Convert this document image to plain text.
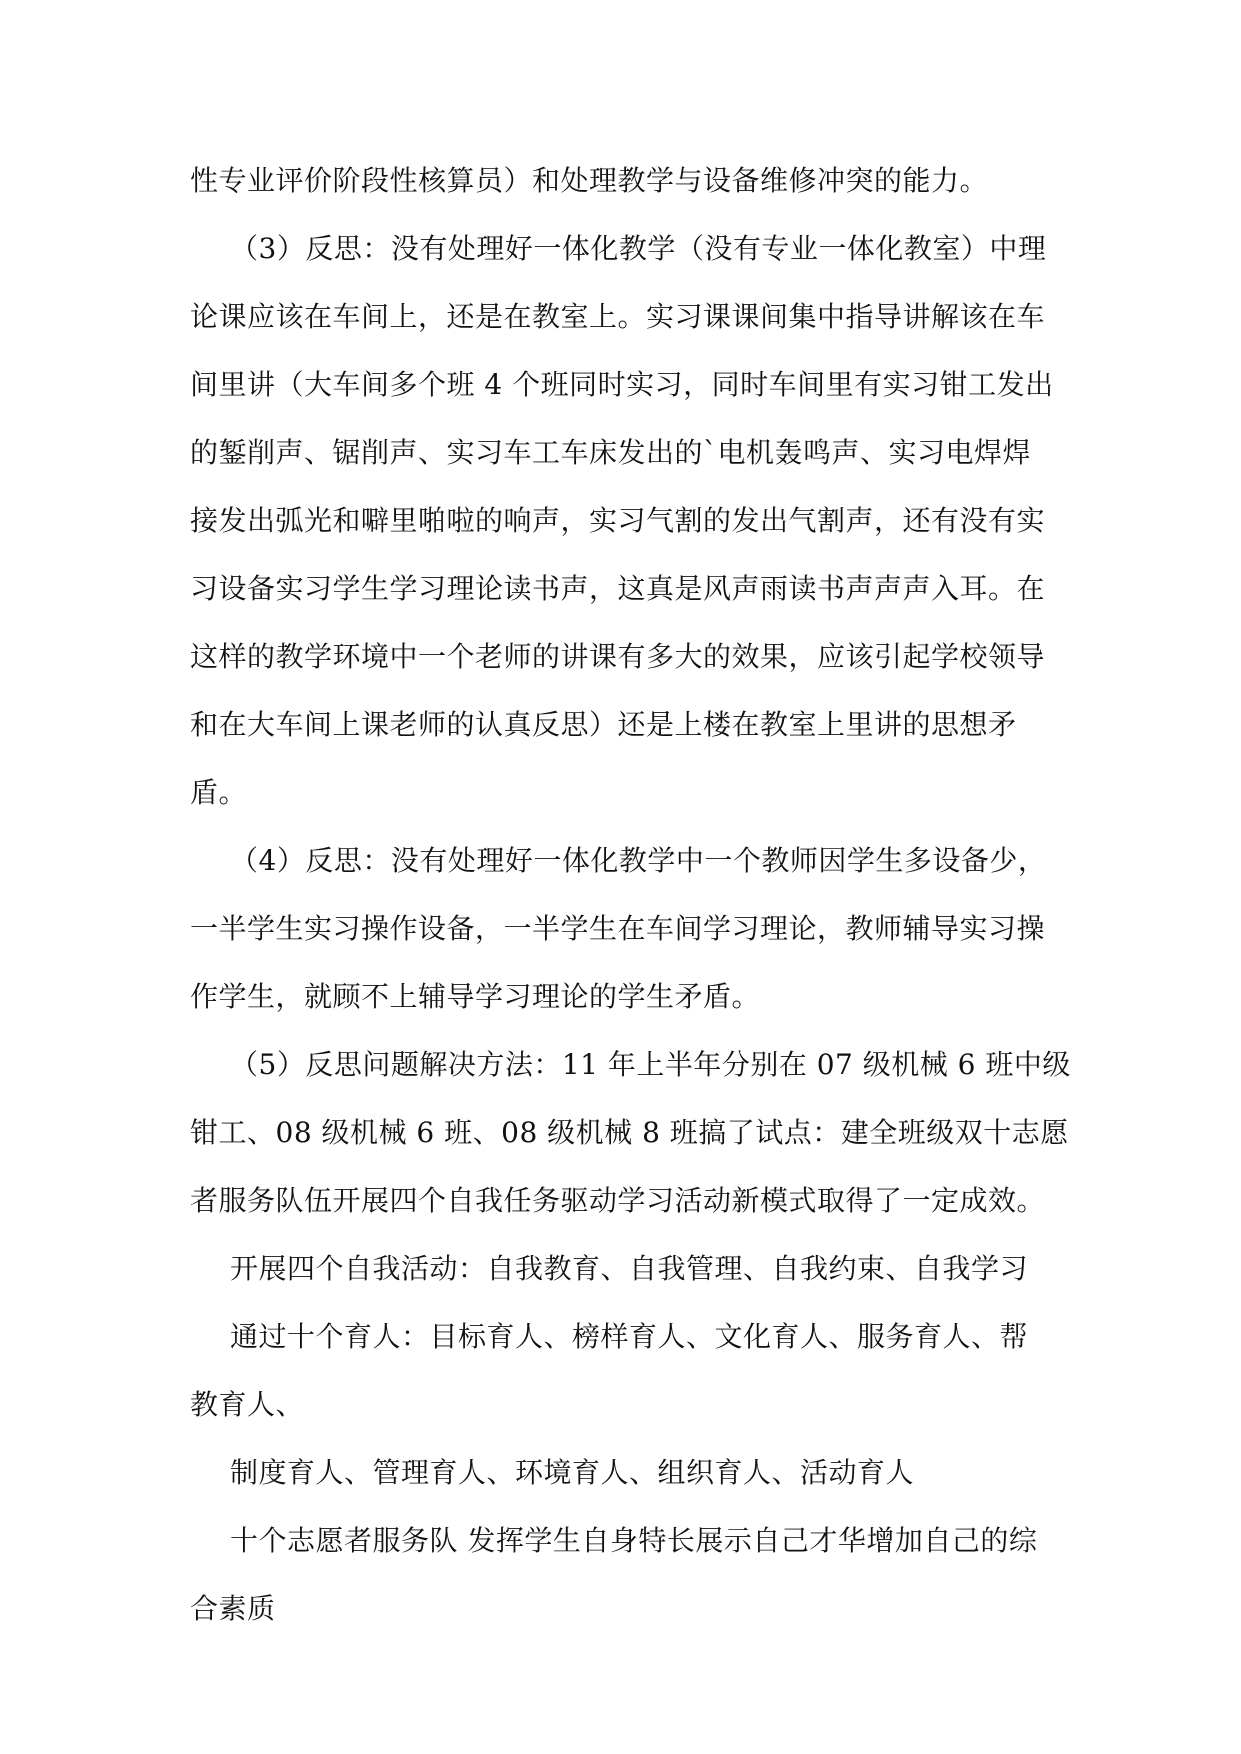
性专业评价阶段性核算员）和处理教学与设备维修冲突的能力。
（3）反思：没有处理好一体化教学（没有专业一体化教室）中理
论课应该在车间上，还是在教室上。实习课课间集中指导讲解该在车
间里讲（大车间多个班 4 个班同时实习，同时车间里有实习钳工发出
的錾削声、锯削声、实习车工车床发出的`电机轰鸣声、实习电焊焊
接发出弧光和噼里啪啦的响声，实习气割的发出气割声，还有没有实
习设备实习学生学习理论读书声，这真是风声雨读书声声声入耳。在
这样的教学环境中一个老师的讲课有多大的效果，应该引起学校领导
和在大车间上课老师的认真反思）还是上楼在教室上里讲的思想矛
盾。
（4）反思：没有处理好一体化教学中一个教师因学生多设备少，
一半学生实习操作设备，一半学生在车间学习理论，教师辅导实习操
作学生，就顾不上辅导学习理论的学生矛盾。
（5）反思问题解决方法：11 年上半年分别在 07 级机械 6 班中级
钳工、08 级机械 6 班、08 级机械 8 班搞了试点：建全班级双十志愿
者服务队伍开展四个自我任务驱动学习活动新模式取得了一定成效。
开展四个自我活动：自我教育、自我管理、自我约束、自我学习
通过十个育人：目标育人、榜样育人、文化育人、服务育人、帮
教育人、
制度育人、管理育人、环境育人、组织育人、活动育人
十个志愿者服务队 发挥学生自身特长展示自己才华增加自己的综
合素质
